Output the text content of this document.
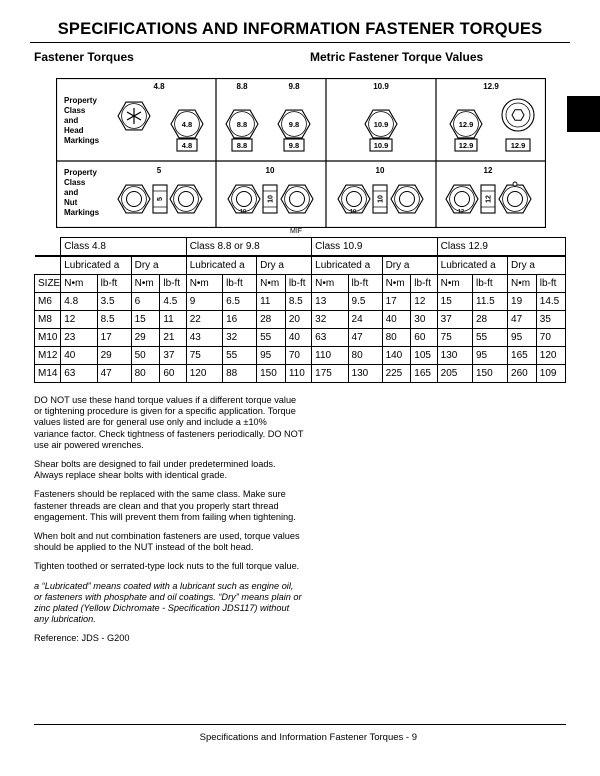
SPECIFICATIONS AND INFORMATION FASTENER TORQUES
Fastener Torques	Metric Fastener Torque Values
Property Class and Head Markings
Property Class and Nut Markings
4.8
4.8
4.8
8.8
8.8
8.8
9.8
9.8
9.8
10.9
10.9
10.9
12.9
12.9
12.9	12.9
5
5
10
10
10
10
10
10
12
12
12
MIF
	Class 4.8				Class 8.8 or 9.8				Class 10.9				Class 12.9			
	Lubricated a		Dry a		Lubricated a		Dry a		Lubricated a		Dry a		Lubricated a		Dry a	
SIZE	N•m	lb-ft	N•m	lb-ft	N•m	lb-ft	N•m	lb-ft	N•m	lb-ft	N•m	lb-ft	N•m	lb-ft	N•m	lb-ft
M6	4.8	3.5	6	4.5	9	6.5	11	8.5	13	9.5	17	12	15	11.5	19	14.5
M8	12	8.5	15	11	22	16	28	20	32	24	40	30	37	28	47	35
M10	23	17	29	21	43	32	55	40	63	47	80	60	75	55	95	70
M12	40	29	50	37	75	55	95	70	110	80	140	105	130	95	165	120
M14	63	47	80	60	120	88	150	110	175	130	225	165	205	150	260	109

DO NOT use these hand torque values if a different torque value or tightening procedure is given for a specific application. Torque values listed are for general use only and include a ±10% variance factor. Check tightness of fasteners periodically. DO NOT use air powered wrenches.

Shear bolts are designed to fail under predetermined loads. Always replace shear bolts with identical grade.

Fasteners should be replaced with the same class. Make sure fastener threads are clean and that you properly start thread engagement. This will prevent them from failing when tightening.

When bolt and nut combination fasteners are used, torque values should be applied to the NUT instead of the bolt head.

Tighten toothed or serrated-type lock nuts to the full torque value.

a “Lubricated” means coated with a lubricant such as engine oil, or fasteners with phosphate and oil coatings. “Dry” means plain or zinc plated (Yellow Dichromate - Specification JDS117) without any lubrication.

Reference: JDS - G200

Specifications and Information Fastener Torques - 9
